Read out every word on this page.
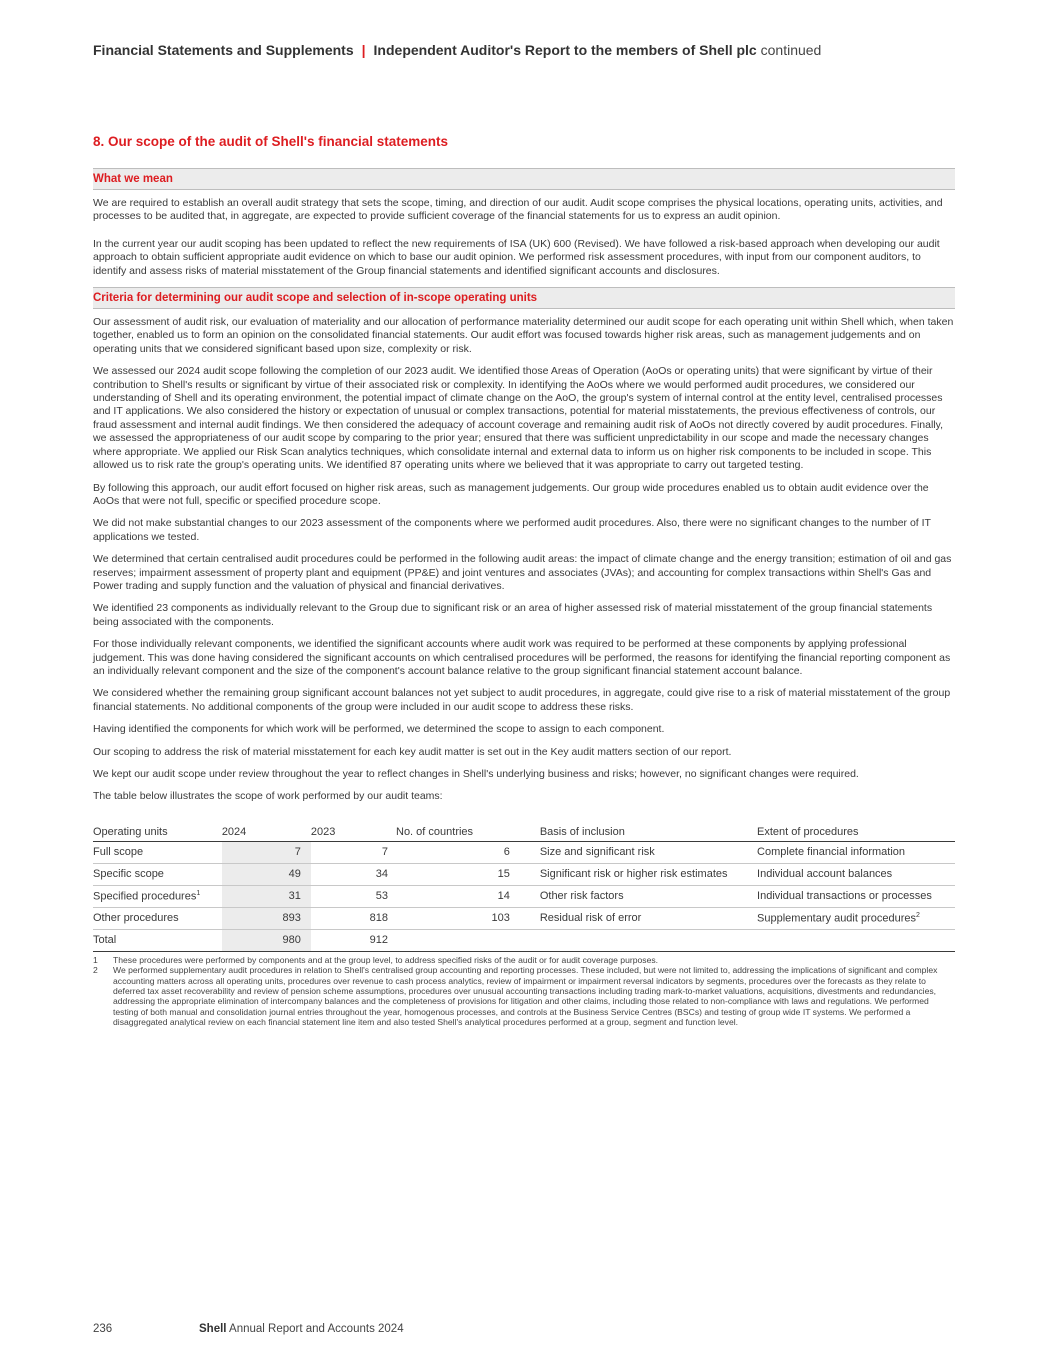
Financial Statements and Supplements | Independent Auditor's Report to the members of Shell plc continued
8. Our scope of the audit of Shell's financial statements
What we mean

We are required to establish an overall audit strategy that sets the scope, timing, and direction of our audit. Audit scope comprises the physical locations, operating units, activities, and processes to be audited that, in aggregate, are expected to provide sufficient coverage of the financial statements for us to express an audit opinion.

In the current year our audit scoping has been updated to reflect the new requirements of ISA (UK) 600 (Revised). We have followed a risk-based approach when developing our audit approach to obtain sufficient appropriate audit evidence on which to base our audit opinion. We performed risk assessment procedures, with input from our component auditors, to identify and assess risks of material misstatement of the Group financial statements and identified significant accounts and disclosures.

Criteria for determining our audit scope and selection of in-scope operating units

Our assessment of audit risk, our evaluation of materiality and our allocation of performance materiality determined our audit scope for each operating unit within Shell which, when taken together, enabled us to form an opinion on the consolidated financial statements. Our audit effort was focused towards higher risk areas, such as management judgements and on operating units that we considered significant based upon size, complexity or risk.

We assessed our 2024 audit scope following the completion of our 2023 audit. We identified those Areas of Operation (AoOs or operating units) that were significant by virtue of their contribution to Shell's results or significant by virtue of their associated risk or complexity. In identifying the AoOs where we would performed audit procedures, we considered our understanding of Shell and its operating environment, the potential impact of climate change on the AoO, the group's system of internal control at the entity level, centralised processes and IT applications. We also considered the history or expectation of unusual or complex transactions, potential for material misstatements, the previous effectiveness of controls, our fraud assessment and internal audit findings. We then considered the adequacy of account coverage and remaining audit risk of AoOs not directly covered by audit procedures. Finally, we assessed the appropriateness of our audit scope by comparing to the prior year; ensured that there was sufficient unpredictability in our scope and made the necessary changes where appropriate. We applied our Risk Scan analytics techniques, which consolidate internal and external data to inform us on higher risk components to be included in scope. This allowed us to risk rate the group's operating units. We identified 87 operating units where we believed that it was appropriate to carry out targeted testing.

By following this approach, our audit effort focused on higher risk areas, such as management judgements. Our group wide procedures enabled us to obtain audit evidence over the AoOs that were not full, specific or specified procedure scope.

We did not make substantial changes to our 2023 assessment of the components where we performed audit procedures. Also, there were no significant changes to the number of IT applications we tested.

We determined that certain centralised audit procedures could be performed in the following audit areas: the impact of climate change and the energy transition; estimation of oil and gas reserves; impairment assessment of property plant and equipment (PP&E) and joint ventures and associates (JVAs); and accounting for complex transactions within Shell's Gas and Power trading and supply function and the valuation of physical and financial derivatives.

We identified 23 components as individually relevant to the Group due to significant risk or an area of higher assessed risk of material misstatement of the group financial statements being associated with the components.

For those individually relevant components, we identified the significant accounts where audit work was required to be performed at these components by applying professional judgement. This was done having considered the significant accounts on which centralised procedures will be performed, the reasons for identifying the financial reporting component as an individually relevant component and the size of the component's account balance relative to the group significant financial statement account balance.

We considered whether the remaining group significant account balances not yet subject to audit procedures, in aggregate, could give rise to a risk of material misstatement of the group financial statements. No additional components of the group were included in our audit scope to address these risks.

Having identified the components for which work will be performed, we determined the scope to assign to each component.

Our scoping to address the risk of material misstatement for each key audit matter is set out in the Key audit matters section of our report.

We kept our audit scope under review throughout the year to reflect changes in Shell's underlying business and risks; however, no significant changes were required.

The table below illustrates the scope of work performed by our audit teams:

Operating units	2024	2023	No. of countries	Basis of inclusion	Extent of procedures
Full scope	7	7	6	Size and significant risk	Complete financial information
Specific scope	49	34	15	Significant risk or higher risk estimates	Individual account balances
Specified procedures$^1$	31	53	14	Other risk factors	Individual transactions or processes
Other procedures	893	818	103	Residual risk of error	Supplementary audit procedures$^2$
Total	980	912			
1	These procedures were performed by components and at the group level, to address specified risks of the audit or for audit coverage purposes.
2	We performed supplementary audit procedures in relation to Shell's centralised group accounting and reporting processes. These included, but were not limited to, addressing the implications of significant and complex accounting matters across all operating units, procedures over revenue to cash process analytics, review of impairment or impairment reversal indicators by segments, procedures over the forecasts as they relate to deferred tax asset recoverability and review of pension scheme assumptions, procedures over unusual accounting transactions including trading mark-to-market valuations, acquisitions, divestments and redundancies, addressing the appropriate elimination of intercompany balances and the completeness of provisions for litigation and other claims, including those related to non-compliance with laws and regulations. We performed testing of both manual and consolidation journal entries throughout the year, homogenous processes, and controls at the Business Service Centres (BSCs) and testing of group wide IT systems. We performed a disaggregated analytical review on each financial statement line item and also tested Shell's analytical procedures performed at a group, segment and function level.
236	Shell Annual Report and Accounts 2024
